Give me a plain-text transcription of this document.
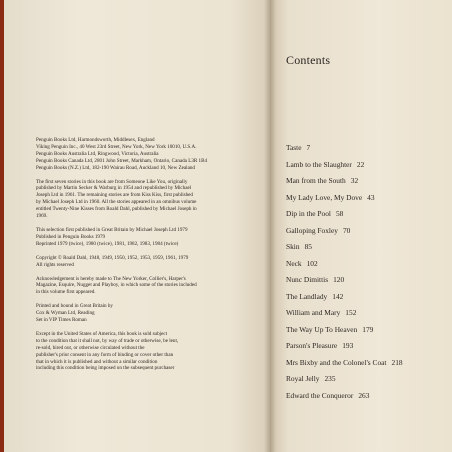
Penguin Books Ltd, Harmondsworth, Middlesex, England
Viking Penguin Inc., 40 West 23rd Street, New York, New York 10010, U.S.A.
Penguin Books Australia Ltd, Ringwood, Victoria, Australia
Penguin Books Canada Ltd, 2801 John Street, Markham, Ontario, Canada L3R 1B4
Penguin Books (N.Z.) Ltd, 182-190 Wairau Road, Auckland 10, New Zealand

The first seven stories in this book are from Someone Like You, originally
published by Martin Secker & Warburg in 1954 and republished by Michael
Joseph Ltd in 1961. The remaining stories are from Kiss Kiss, first published
by Michael Joseph Ltd in 1960. All the stories appeared in an omnibus volume
entitled Twenty-Nine Kisses from Roald Dahl, published by Michael Joseph in
1969.

This selection first published in Great Britain by Michael Joseph Ltd 1979
Published in Penguin Books 1979
Reprinted 1979 (twice), 1980 (twice), 1981, 1982, 1983, 1984 (twice)

Copyright © Roald Dahl, 1948, 1949, 1950, 1952, 1953, 1959, 1961, 1979
All rights reserved

Acknowledgement is hereby made to The New Yorker, Collier's, Harper's
Magazine, Esquire, Nugget and Playboy, in which some of the stories included
in this volume first appeared.

Printed and bound in Great Britain by
Cox & Wyman Ltd, Reading
Set in VIP Times Roman

Except in the United States of America, this book is sold subject
to the condition that it shall not, by way of trade or otherwise, be lent,
re-sold, hired out, or otherwise circulated without the
publisher's prior consent in any form of binding or cover other than
that in which it is published and without a similar condition
including this condition being imposed on the subsequent purchaser

Contents
Taste 7
Lamb to the Slaughter 22
Man from the South 32
My Lady Love, My Dove 43
Dip in the Pool 58
Galloping Foxley 70
Skin 85
Neck 102
Nunc Dimittis 120
The Landlady 142
William and Mary 152
The Way Up To Heaven 179
Parson's Pleasure 193
Mrs Bixby and the Colonel's Coat 218
Royal Jelly 235
Edward the Conqueror 263
